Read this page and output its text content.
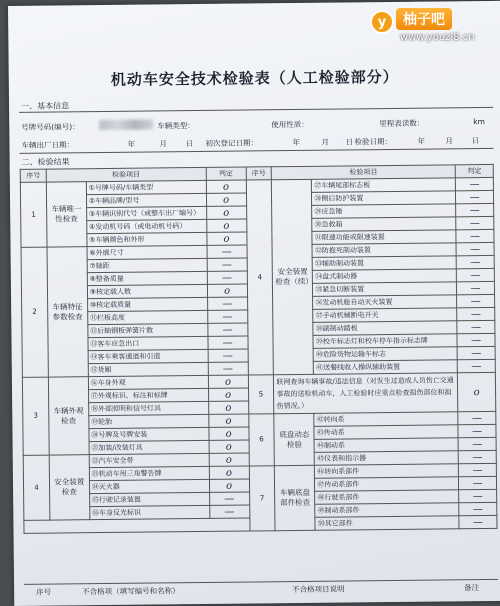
机动车安全技术检验表（人工检验部分）
一、基本信息
号牌号码(编号)：	车辆类型：	使用性质：	里程表读数：	km
车辆出厂日期：	年	月 日 初次登记日期：	年	月 日 检验日期：	年	月 日
二、检验结果
序号	检验项目		判定	序号	检验项目		判定
1	车辆唯一性检查	①号牌号码/车辆类型	o	4	安全装置检查（续）	㉗车辆尾部标志板	—
		②车辆品牌/型号	o			㉘侧后防护装置	—
		③车辆识别代号（或整车出厂编号）	o			㉙应急锤	—
		④发动机号码（或电动机号码）	o			㉚急救箱	—
		⑤车辆颜色和外形	o			㉛限速功能或限速装置	—
2	车辆特征参数检查	⑥外廓尺寸	—			㉜防抱死制动装置	—
		⑦轴距	—			㉝辅助制动装置	—
		⑧整备质量	—			㉞盘式制动器	—
		⑨核定载人数	o			㉟紧急切断装置	—
		⑩核定载质量	—			㊱发动机舱自动灭火装置	—
		⑪栏板高度	—			㊲手动机械断电开关	—
		⑫后轴钢板弹簧片数	—			㊳副制动踏板	—
		⑬客车应急出口	—			㊴校车标志灯和校车停车指示标志牌	—
		⑭客车乘客通道和引道	—			㊵危险货物运输车标志	—
		⑮货厢	—			㊶送餐线收人操纵辅助装置	—
3	车辆外观检查	⑯车身外观	o	5	联网查询车辆事故/违法信息（对发生过造成人员伤亡交通事故的送检机动车，人工检验时应重点检查损伤部位和损伤情况。）		o
		⑰外观标识、标注和标牌	o				
		⑱外部照明和信号灯具	o				
		⑲轮胎	o	6	底盘动态检验	㊷转向系	—
		⑳号牌及号牌安装	o			㊸传动系	—
		㉑加装/改装灯具	o			㊹制动系	—
4	安全装置检查	㉒汽车安全带	o			㊺仪表和指示器	—
		㉓机动车用三角警告牌	o	7	车辆底盘部件检查	㊻转向系部件	—
		㉔灭火器	o			㊼传动系部件	—
		㉕行驶记录装置	—			㊽行驶系部件	—
		㉖车身反光标识	—			㊾制动系部件	—
						㊿其它部件	—
序号	不合格项（填写编号和名称）	不合格项目说明	备注
y	柚子吧
www.youzi8.cn
